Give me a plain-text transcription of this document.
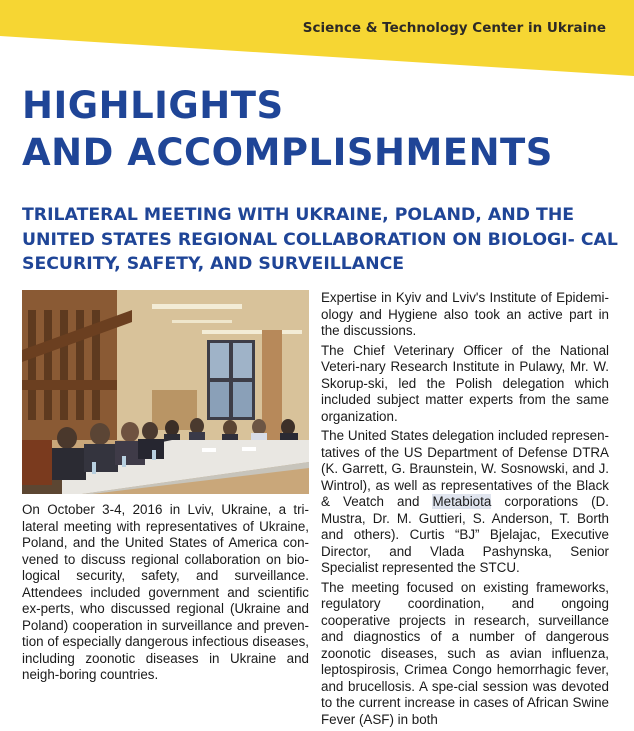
Science & Technology Center in Ukraine
HIGHLIGHTS
AND ACCOMPLISHMENTS
TRILATERAL MEETING WITH UKRAINE, POLAND, AND THE UNITED STATES REGIONAL COLLABORATION ON BIOLOGI- CAL SECURITY, SAFETY, AND SURVEILLANCE

On October 3-4, 2016 in Lviv, Ukraine, a tri-lateral meeting with representatives of Ukraine, Poland, and the United States of America con-vened to discuss regional collaboration on bio-logical security, safety, and surveillance. Attendees included government and scientific ex-perts, who discussed regional (Ukraine and Poland) cooperation in surveillance and preven-tion of especially dangerous infectious diseases, including zoonotic diseases in Ukraine and neigh-boring countries.

Expertise in Kyiv and Lviv's Institute of Epidemi-ology and Hygiene also took an active part in the discussions.

The Chief Veterinary Officer of the National Veteri-nary Research Institute in Pulawy, Mr. W. Skorup-ski, led the Polish delegation which included subject matter experts from the same organization.

The United States delegation included represen-tatives of the US Department of Defense DTRA (K. Garrett, G. Braunstein, W. Sosnowski, and J. Wintrol), as well as representatives of the Black & Veatch and Metabiota corporations (D. Mustra, Dr. M. Guttieri, S. Anderson, T. Borth and others). Curtis “BJ” Bjelajac, Executive Director, and Vlada Pashynska, Senior Specialist represented the STCU.

The meeting focused on existing frameworks, regulatory coordination, and ongoing cooperative projects in research, surveillance and diagnostics of a number of dangerous zoonotic diseases, such as avian influenza, leptospirosis, Crimea Congo hemorrhagic fever, and brucellosis. A spe-cial session was devoted to the current increase in cases of African Swine Fever (ASF) in both
